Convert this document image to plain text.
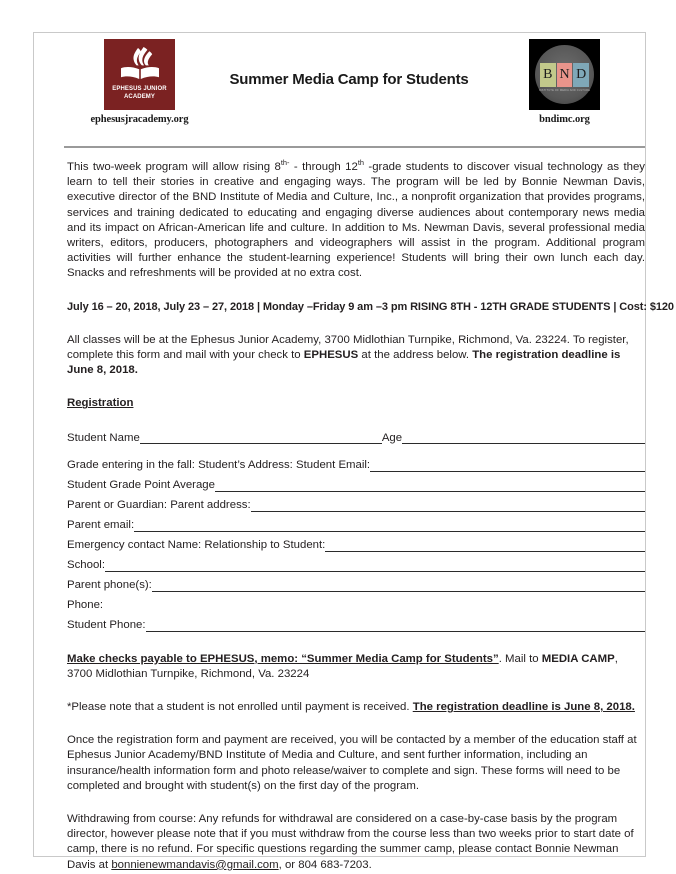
EPHESUS JUNIOR
ACADEMY
ephesusjracademy.org
Summer Media Camp for Students	B N D
INSTITUTE OF MEDIA AND CULTURE
bndimc.org

This two-week program will allow rising $8^{th-}$ - through 12th -grade students to discover visual technology as they learn to tell their stories in creative and engaging ways. The program will be led by Bonnie Newman Davis, executive director of the BND Institute of Media and Culture, Inc., a nonprofit organization that provides programs, services and training dedicated to educating and engaging diverse audiences about contemporary news media and its impact on African-American life and culture. In addition to Ms. Newman Davis, several professional media writers, editors, producers, photographers and videographers will assist in the program. Additional program activities will further enhance the student-learning experience! Students will bring their own lunch each day. Snacks and refreshments will be provided at no extra cost.

July 16 – 20, 2018, July 23 – 27, 2018 | Monday –Friday 9 am –3 pm RISING 8TH - 12TH GRADE STUDENTS | Cost: $120

All classes will be at the Ephesus Junior Academy, 3700 Midlothian Turnpike, Richmond, Va. 23224. To register, complete this form and mail with your check to EPHESUS at the address below. The registration deadline is June 8, 2018.

Registration

Student Name	Age
Grade entering in the fall: Student’s Address: Student Email:
Student Grade Point Average
Parent or Guardian: Parent address:
Parent email:
Emergency contact Name: Relationship to Student:
School:
Parent phone(s):
Phone:
Student Phone:

Make checks payable to EPHESUS, memo: “Summer Media Camp for Students”. Mail to MEDIA CAMP, 3700 Midlothian Turnpike, Richmond, Va. 23224

*Please note that a student is not enrolled until payment is received. The registration deadline is June 8, 2018.

Once the registration form and payment are received, you will be contacted by a member of the education staff at Ephesus Junior Academy/BND Institute of Media and Culture, and sent further information, including an insurance/health information form and photo release/waiver to complete and sign. These forms will need to be completed and brought with student(s) on the first day of the program.

Withdrawing from course: Any refunds for withdrawal are considered on a case-by-case basis by the program director, however please note that if you must withdraw from the course less than two weeks prior to start date of camp, there is no refund. For specific questions regarding the summer camp, please contact Bonnie Newman Davis at bonnienewmandavis@gmail.com, or 804 683-7203.
